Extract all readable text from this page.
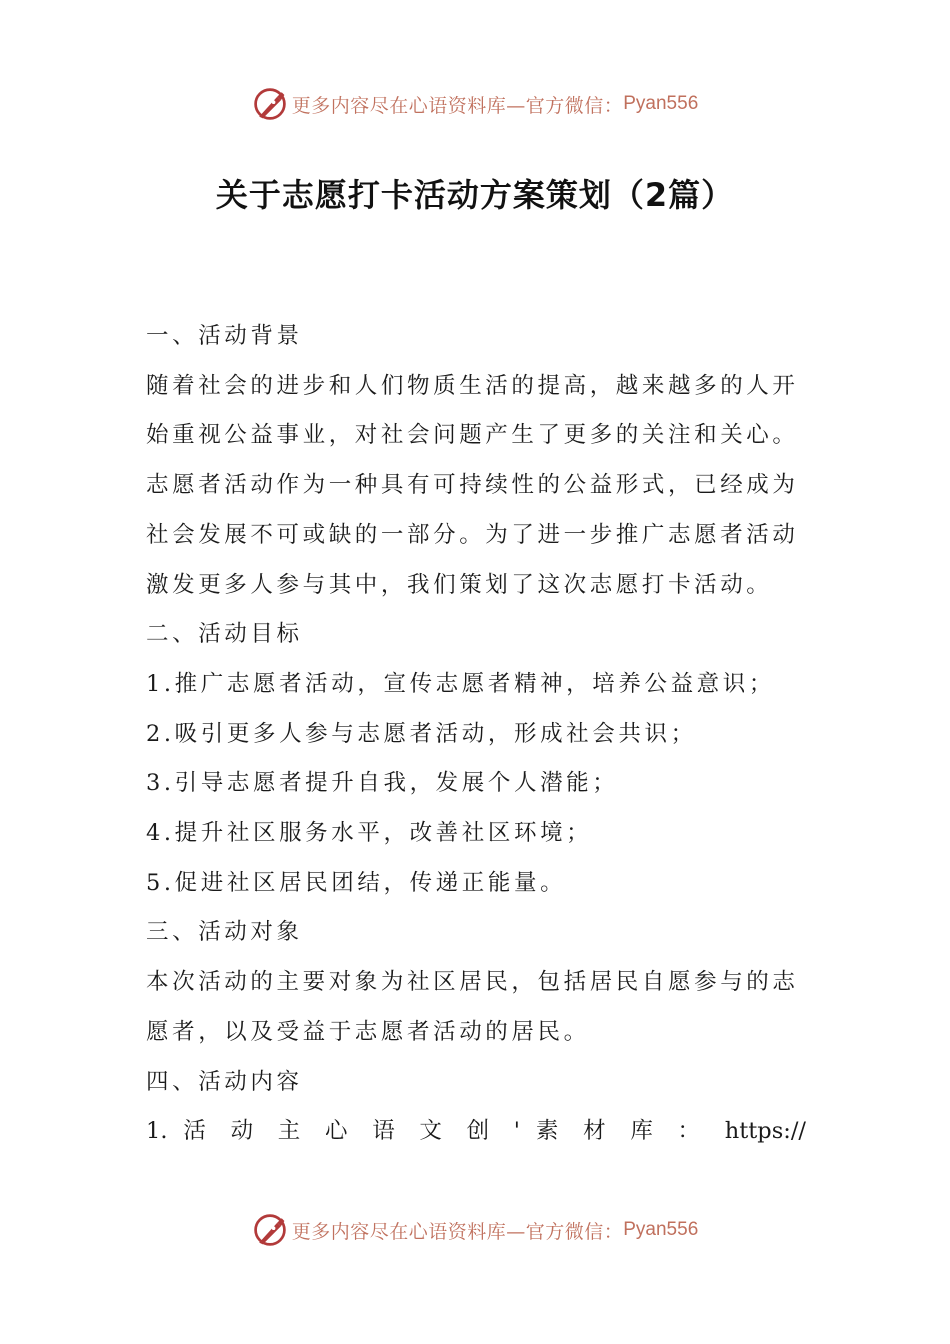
更多内容尽在心语资料库—官方微信： Pyan556
关于志愿打卡活动方案策划（2篇）

一、活动背景

随着社会的进步和人们物质生活的提高，越来越多的人开

始重视公益事业，对社会问题产生了更多的关注和关心。

志愿者活动作为一种具有可持续性的公益形式，已经成为

社会发展不可或缺的一部分。为了进一步推广志愿者活动

激发更多人参与其中，我们策划了这次志愿打卡活动。

二、活动目标

1.推广志愿者活动，宣传志愿者精神，培养公益意识；

2.吸引更多人参与志愿者活动，形成社会共识；

3.引导志愿者提升自我，发展个人潜能；

4.提升社区服务水平，改善社区环境；

5.促进社区居民团结，传递正能量。

三、活动对象

本次活动的主要对象为社区居民，包括居民自愿参与的志

愿者，以及受益于志愿者活动的居民。

四、活动内容

1. 活 动 主 心 语 文 创 ' 素 材 库 ： https://

更多内容尽在心语资料库—官方微信： Pyan556
